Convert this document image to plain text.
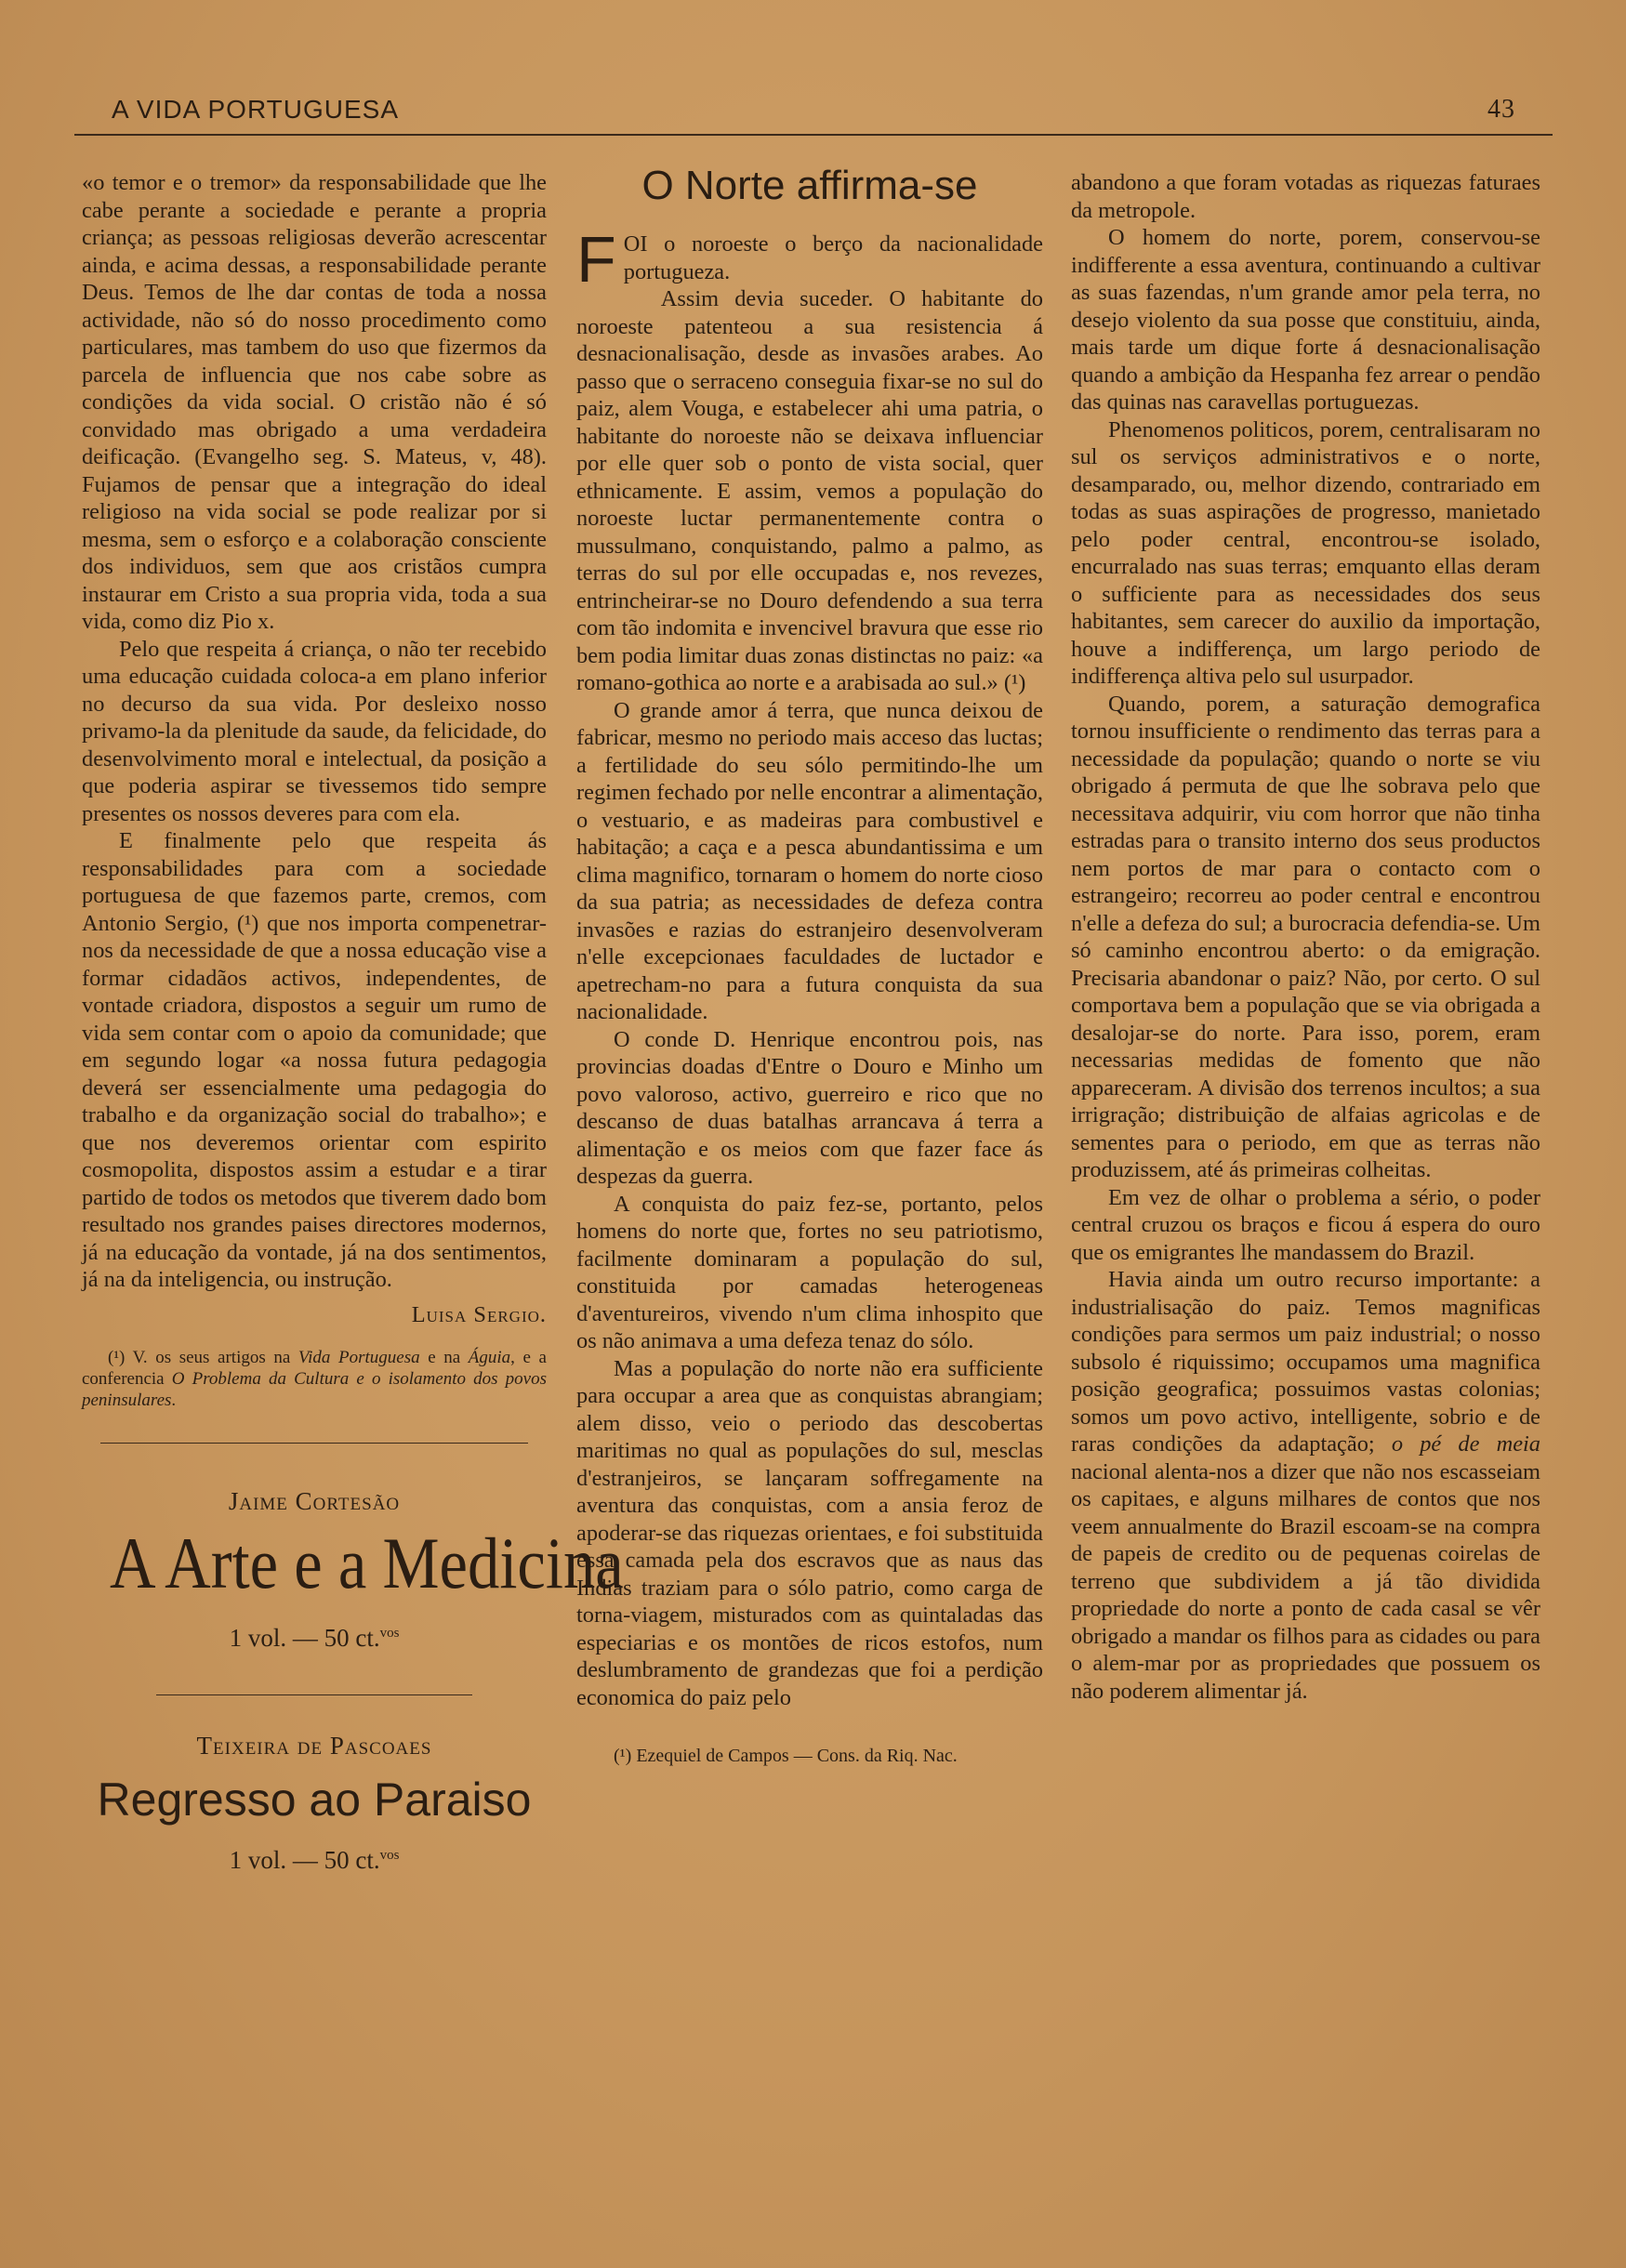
A VIDA PORTUGUESA	43

«o temor e o tremor» da responsabilidade que lhe cabe perante a sociedade e perante a propria criança; as pessoas religiosas deverão acrescentar ainda, e acima dessas, a responsabilidade perante Deus. Temos de lhe dar contas de toda a nossa actividade, não só do nosso procedimento como particulares, mas tambem do uso que fizermos da parcela de influencia que nos cabe sobre as condições da vida social. O cristão não é só convidado mas obrigado a uma verdadeira deificação. (Evangelho seg. S. Mateus, v, 48). Fujamos de pensar que a integração do ideal religioso na vida social se pode realizar por si mesma, sem o esforço e a colaboração consciente dos individuos, sem que aos cristãos cumpra instaurar em Cristo a sua propria vida, toda a sua vida, como diz Pio x.

Pelo que respeita á criança, o não ter recebido uma educação cuidada coloca-a em plano inferior no decurso da sua vida. Por desleixo nosso privamo-la da plenitude da saude, da felicidade, do desenvolvimento moral e intelectual, da posição a que poderia aspirar se tivessemos tido sempre presentes os nossos deveres para com ela.

E finalmente pelo que respeita ás responsabilidades para com a sociedade portuguesa de que fazemos parte, cremos, com Antonio Sergio, (¹) que nos importa compenetrar-nos da necessidade de que a nossa educação vise a formar cidadãos activos, independentes, de vontade criadora, dispostos a seguir um rumo de vida sem contar com o apoio da comunidade; que em segundo logar «a nossa futura pedagogia deverá ser essencialmente uma pedagogia do trabalho e da organização social do trabalho»; e que nos deveremos orientar com espirito cosmopolita, dispostos assim a estudar e a tirar partido de todos os metodos que tiverem dado bom resultado nos grandes paises directores modernos, já na educação da vontade, já na dos sentimentos, já na da inteligencia, ou instrução.

Luisa Sergio.
(¹) V. os seus artigos na Vida Portuguesa e na Águia, e a conferencia O Problema da Cultura e o isolamento dos povos peninsulares.
Jaime Cortesão
A Arte e a Medicina
1 vol. — 50 ct.$^{vos}$
Teixeira de Pascoaes
Regresso ao Paraiso
1 vol. — 50 ct.$^{vos}$
O Norte affirma-se

FOI o noroeste o berço da nacionalidade portugueza.

Assim devia suceder. O habitante do noroeste patenteou a sua resistencia á desnacionalisação, desde as invasões arabes. Ao passo que o serraceno conseguia fixar-se no sul do paiz, alem Vouga, e estabelecer ahi uma patria, o habitante do noroeste não se deixava influenciar por elle quer sob o ponto de vista social, quer ethnicamente. E assim, vemos a população do noroeste luctar permanentemente contra o mussulmano, conquistando, palmo a palmo, as terras do sul por elle occupadas e, nos revezes, entrincheirar-se no Douro defendendo a sua terra com tão indomita e invencivel bravura que esse rio bem podia limitar duas zonas distinctas no paiz: «a romano-gothica ao norte e a arabisada ao sul.» (¹)

O grande amor á terra, que nunca deixou de fabricar, mesmo no periodo mais acceso das luctas; a fertilidade do seu sólo permitindo-lhe um regimen fechado por nelle encontrar a alimentação, o vestuario, e as madeiras para combustivel e habitação; a caça e a pesca abundantissima e um clima magnifico, tornaram o homem do norte cioso da sua patria; as necessidades de defeza contra invasões e razias do estranjeiro desenvolveram n'elle excepcionaes faculdades de luctador e apetrecham-no para a futura conquista da sua nacionalidade.

O conde D. Henrique encontrou pois, nas provincias doadas d'Entre o Douro e Minho um povo valoroso, activo, guerreiro e rico que no descanso de duas batalhas arrancava á terra a alimentação e os meios com que fazer face ás despezas da guerra.

A conquista do paiz fez-se, portanto, pelos homens do norte que, fortes no seu patriotismo, facilmente dominaram a população do sul, constituida por camadas heterogeneas d'aventureiros, vivendo n'um clima inhospito que os não animava a uma defeza tenaz do sólo.

Mas a população do norte não era sufficiente para occupar a area que as conquistas abrangiam; alem disso, veio o periodo das descobertas maritimas no qual as populações do sul, mesclas d'estranjeiros, se lançaram soffregamente na aventura das conquistas, com a ansia feroz de apoderar-se das riquezas orientaes, e foi substituida essa camada pela dos escravos que as naus das Indias traziam para o sólo patrio, como carga de torna-viagem, misturados com as quintaladas das especiarias e os montões de ricos estofos, num deslumbramento de grandezas que foi a perdição economica do paiz pelo

(¹) Ezequiel de Campos — Cons. da Riq. Nac.

abandono a que foram votadas as riquezas faturaes da metropole.

O homem do norte, porem, conservou-se indifferente a essa aventura, continuando a cultivar as suas fazendas, n'um grande amor pela terra, no desejo violento da sua posse que constituiu, ainda, mais tarde um dique forte á desnacionalisação quando a ambição da Hespanha fez arrear o pendão das quinas nas caravellas portuguezas.

Phenomenos politicos, porem, centralisaram no sul os serviços administrativos e o norte, desamparado, ou, melhor dizendo, contrariado em todas as suas aspirações de progresso, manietado pelo poder central, encontrou-se isolado, encurralado nas suas terras; emquanto ellas deram o sufficiente para as necessidades dos seus habitantes, sem carecer do auxilio da importação, houve a indifferença, um largo periodo de indifferença altiva pelo sul usurpador.

Quando, porem, a saturação demografica tornou insufficiente o rendimento das terras para a necessidade da população; quando o norte se viu obrigado á permuta de que lhe sobrava pelo que necessitava adquirir, viu com horror que não tinha estradas para o transito interno dos seus productos nem portos de mar para o contacto com o estrangeiro; recorreu ao poder central e encontrou n'elle a defeza do sul; a burocracia defendia-se. Um só caminho encontrou aberto: o da emigração. Precisaria abandonar o paiz? Não, por certo. O sul comportava bem a população que se via obrigada a desalojar-se do norte. Para isso, porem, eram necessarias medidas de fomento que não appareceram. A divisão dos terrenos incultos; a sua irrigração; distribuição de alfaias agricolas e de sementes para o periodo, em que as terras não produzissem, até ás primeiras colheitas.

Em vez de olhar o problema a sério, o poder central cruzou os braços e ficou á espera do ouro que os emigrantes lhe mandassem do Brazil.

Havia ainda um outro recurso importante: a industrialisação do paiz. Temos magnificas condições para sermos um paiz industrial; o nosso subsolo é riquissimo; occupamos uma magnifica posição geografica; possuimos vastas colonias; somos um povo activo, intelligente, sobrio e de raras condições da adaptação; o pé de meia nacional alenta-nos a dizer que não nos escasseiam os capitaes, e alguns milhares de contos que nos veem annualmente do Brazil escoam-se na compra de papeis de credito ou de pequenas coirelas de terreno que subdividem a já tão dividida propriedade do norte a ponto de cada casal se vêr obrigado a mandar os filhos para as cidades ou para o alem-mar por as propriedades que possuem os não poderem alimentar já.
